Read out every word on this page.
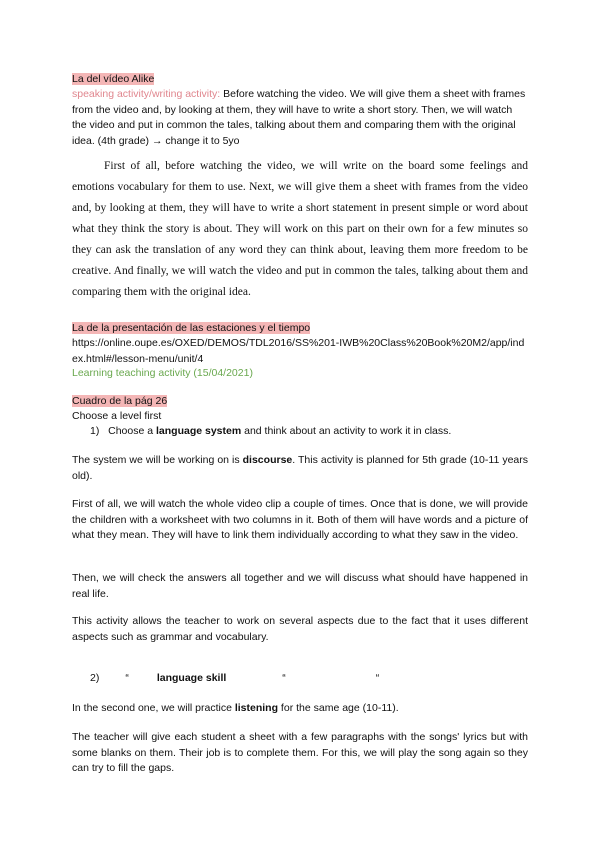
La del vídeo Alike

speaking activity/writing activity: Before watching the video. We will give them a sheet with frames from the video and, by looking at them, they will have to write a short story. Then, we will watch the video and put in common the tales, talking about them and comparing them with the original idea. (4th grade) → change it to 5yo

First of all, before watching the video, we will write on the board some feelings and emotions vocabulary for them to use. Next, we will give them a sheet with frames from the video and, by looking at them, they will have to write a short statement in present simple or word about what they think the story is about. They will work on this part on their own for a few minutes so they can ask the translation of any word they can think about, leaving them more freedom to be creative. And finally, we will watch the video and put in common the tales, talking about them and comparing them with the original idea.

La de la presentación de las estaciones y el tiempo

https://online.oupe.es/OXED/DEMOS/TDL2016/SS%201-IWB%20Class%20Book%20M2/app/index.html#/lesson-menu/unit/4

Learning teaching activity (15/04/2021)

Cuadro de la pág 26

Choose a level first

1) Choose a language system and think about an activity to work it in class.

The system we will be working on is discourse. This activity is planned for 5th grade (10-11 years old).

First of all, we will watch the whole video clip a couple of times. Once that is done, we will provide the children with a worksheet with two columns in it. Both of them will have words and a picture of what they mean. They will have to link them individually according to what they saw in the video.

Then, we will check the answers all together and we will discuss what should have happened in real life.

This activity allows the teacher to work on several aspects due to the fact that it uses different aspects such as grammar and vocabulary.

2) “	language skill	“	“

In the second one, we will practice listening for the same age (10-11).

The teacher will give each student a sheet with a few paragraphs with the songs' lyrics but with some blanks on them. Their job is to complete them. For this, we will play the song again so they can try to fill the gaps.
